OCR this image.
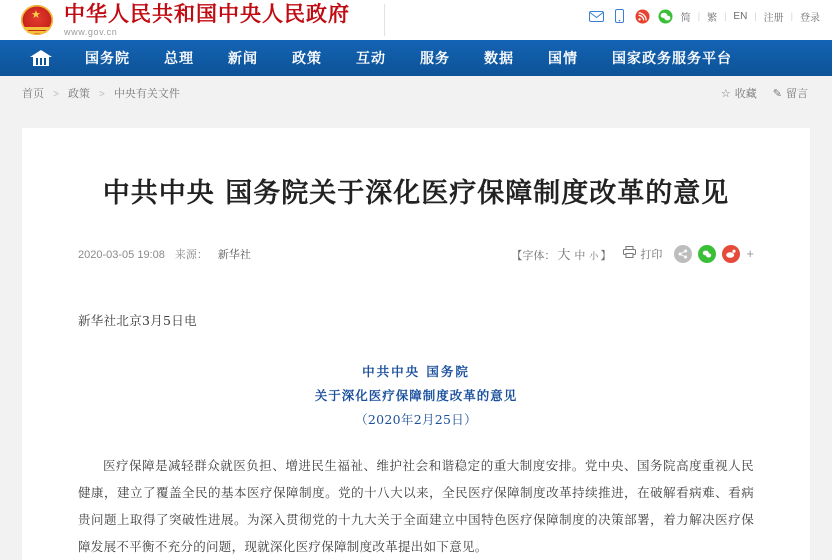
★ 中华人民共和国中央人民政府
www.gov.cn
简 | 繁 | EN | 注册 | 登录
国务院	总理	新闻	政策	互动	服务	数据	国情	国家政务服务平台
首页 > 政策 > 中央有关文件	☆ 收藏 ✎ 留言
中共中央 国务院关于深化医疗保障制度改革的意见
2020-03-05 19:08 来源： 新华社	【字体： 大 中 小 】	打印	+

新华社北京3月5日电

中共中央 国务院
关于深化医疗保障制度改革的意见
（2020年2月25日）

医疗保障是减轻群众就医负担、增进民生福祉、维护社会和谐稳定的重大制度安排。党中央、国务院高度重视人民健康，建立了覆盖全民的基本医疗保障制度。党的十八大以来，全民医疗保障制度改革持续推进，在破解看病难、看病贵问题上取得了突破性进展。为深入贯彻党的十九大关于全面建立中国特色医疗保障制度的决策部署，着力解决医疗保障发展不平衡不充分的问题，现就深化医疗保障制度改革提出如下意见。
